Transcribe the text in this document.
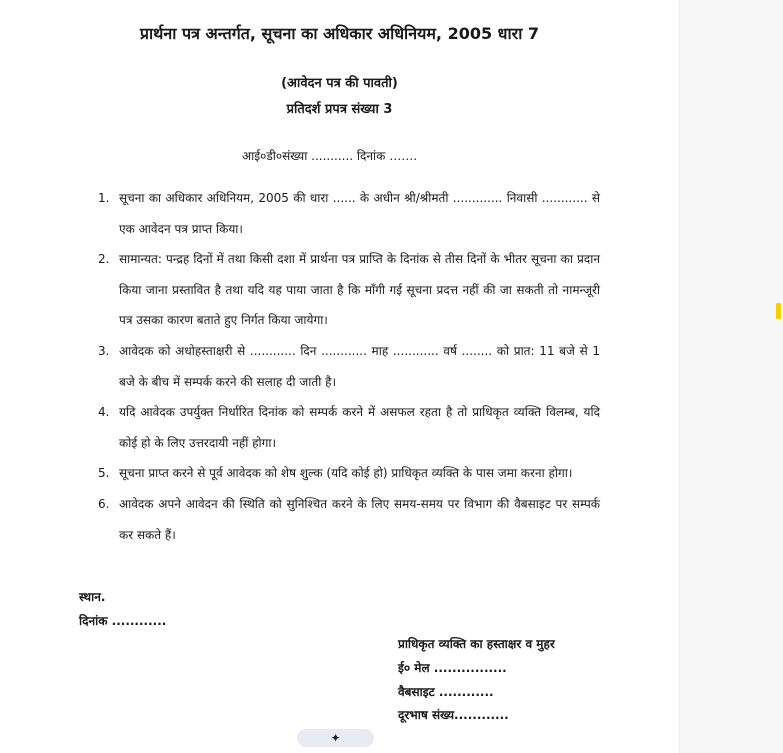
प्रार्थना पत्र अन्तर्गत, सूचना का अधिकार अधिनियम, 2005 धारा 7
(आवेदन पत्र की पावती)
प्रतिदर्श प्रपत्र संख्या 3
आई०डी०संख्या ........... दिनांक …….
1. सूचना का अधिकार अधिनियम, 2005 की धारा ...... के अधीन श्री/श्रीमती ............. निवासी ............ से एक आवेदन पत्र प्राप्त किया।
2. सामान्यत: पन्द्रह दिनों में तथा किसी दशा में प्रार्थना पत्र प्राप्ति के दिनांक से तीस दिनों के भीतर सूचना का प्रदान किया जाना प्रस्तावित है तथा यदि यह पाया जाता है कि माँगी गई सूचना प्रदत्त नहीं की जा सकती तो नामन्जूरी पत्र उसका कारण बताते हुए निर्गत किया जायेगा।
3. आवेदक को अधोहस्ताक्षरी से ............ दिन ............ माह ............ वर्ष ........ को प्रात: 11 बजे से 1 बजे के बीच में सम्पर्क करने की सलाह दी जाती है।
4. यदि आवेदक उपर्युक्त निर्धारित दिनांक को सम्पर्क करने में असफल रहता है तो प्राधिकृत व्यक्ति विलम्ब, यदि कोई हो के लिए उत्तरदायी नहीं होगा।
5. सूचना प्राप्त करने से पूर्व आवेदक को शेष शुल्क (यदि कोई हो) प्राधिकृत व्यक्ति के पास जमा करना होगा।
6. आवेदक अपने आवेदन की स्थिति को सुनिश्चित करने के लिए समय-समय पर विभाग की वैबसाइट पर सम्पर्क कर सकते हैं।
स्थान.
दिनांक ............
प्राधिकृत व्यक्ति का हस्ताक्षर व मुहर
ई० मेल ................
वैबसाइट ............
दूरभाष संख्य............
✦
